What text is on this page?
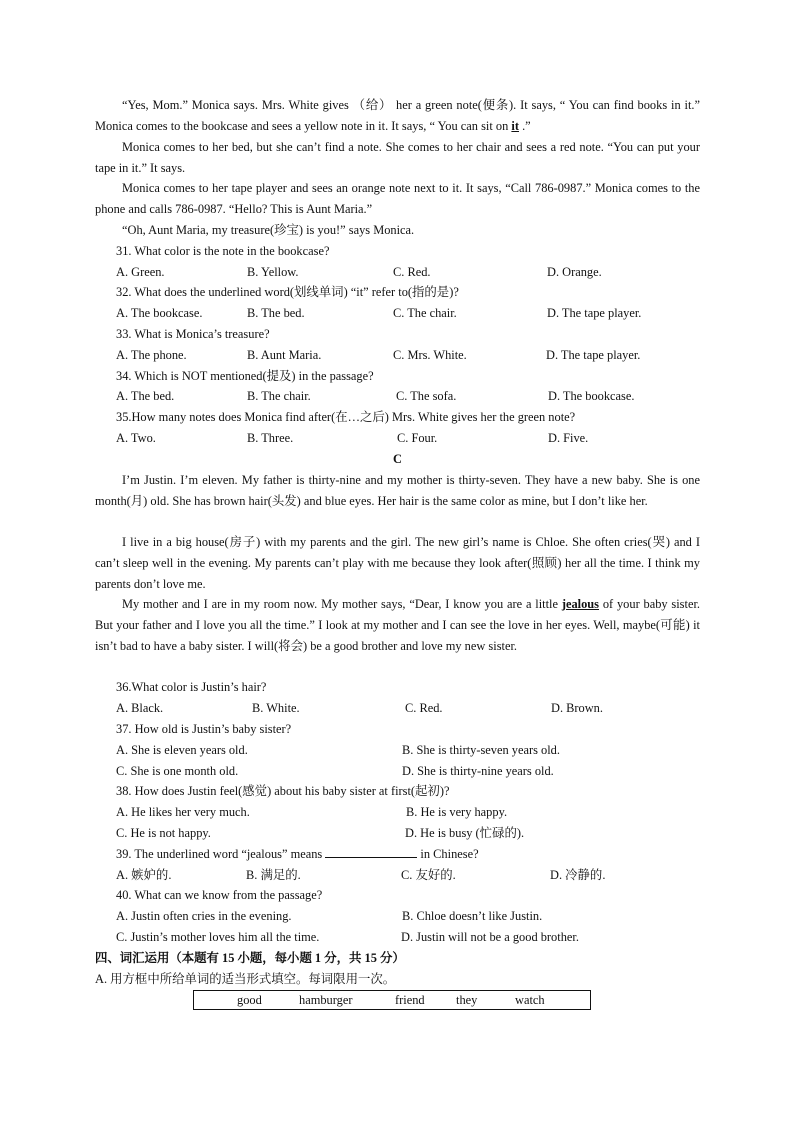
“Yes, Mom.” Monica says. Mrs. White gives （给） her a green note(便条). It says, “ You can find books in it.” Monica comes to the bookcase and sees a yellow note in it. It says, “ You can sit on it .”

Monica comes to her bed, but she can’t find a note. She comes to her chair and sees a red note. “You can put your tape in it.” It says.

Monica comes to her tape player and sees an orange note next to it. It says, “Call 786-0987.” Monica comes to the phone and calls 786-0987. “Hello? This is Aunt Maria.”

“Oh, Aunt Maria, my treasure(珍宝) is you!” says Monica.

31. What color is the note in the bookcase?
A. Green.	B. Yellow.	C. Red.	D. Orange.
32. What does the underlined word(划线单词) “it” refer to(指的是)?
A. The bookcase.	B. The bed.	C. The chair.	D. The tape player.
33. What is Monica’s treasure?
A. The phone.	B. Aunt Maria.	C. Mrs. White.	D. The tape player.
34. Which is NOT mentioned(提及) in the passage?
A. The bed.	B. The chair.	C. The sofa.	D. The bookcase.
35.How many notes does Monica find after(在…之后) Mrs. White gives her the green note?
A. Two.	B. Three.	C. Four.	D. Five.
C

I’m Justin. I’m eleven. My father is thirty-nine and my mother is thirty-seven. They have a new baby. She is one month(月) old. She has brown hair(头发) and blue eyes. Her hair is the same color as mine, but I don’t like her.

I live in a big house(房子) with my parents and the girl. The new girl’s name is Chloe. She often cries(哭) and I can’t sleep well in the evening. My parents can’t play with me because they look after(照顾) her all the time. I think my parents don’t love me.

My mother and I are in my room now. My mother says, “Dear, I know you are a little jealous of your baby sister. But your father and I love you all the time.” I look at my mother and I can see the love in her eyes. Well, maybe(可能) it isn’t bad to have a baby sister. I will(将会) be a good brother and love my new sister.

36.What color is Justin’s hair?
A. Black.	B. White.	C. Red.	D. Brown.
37. How old is Justin’s baby sister?
A. She is eleven years old.	B. She is thirty-seven years old.
C. She is one month old.	D. She is thirty-nine years old.
38. How does Justin feel(感觉) about his baby sister at first(起初)?
A. He likes her very much.	B. He is very happy.
C. He is not happy.	D. He is busy (忙碌的).
39. The underlined word “jealous” means	in Chinese?
A. 嫉妒的.	B. 满足的.	C. 友好的.	D. 冷静的.
40. What can we know from the passage?
A. Justin often cries in the evening.	B. Chloe doesn’t like Justin.
C. Justin’s mother loves him all the time.	D. Justin will not be a good brother.
四、词汇运用（本题有 15 小题，每小题 1 分，共 15 分）
A. 用方框中所给单词的适当形式填空。每词限用一次。
good	hamburger	friend	they	watch
